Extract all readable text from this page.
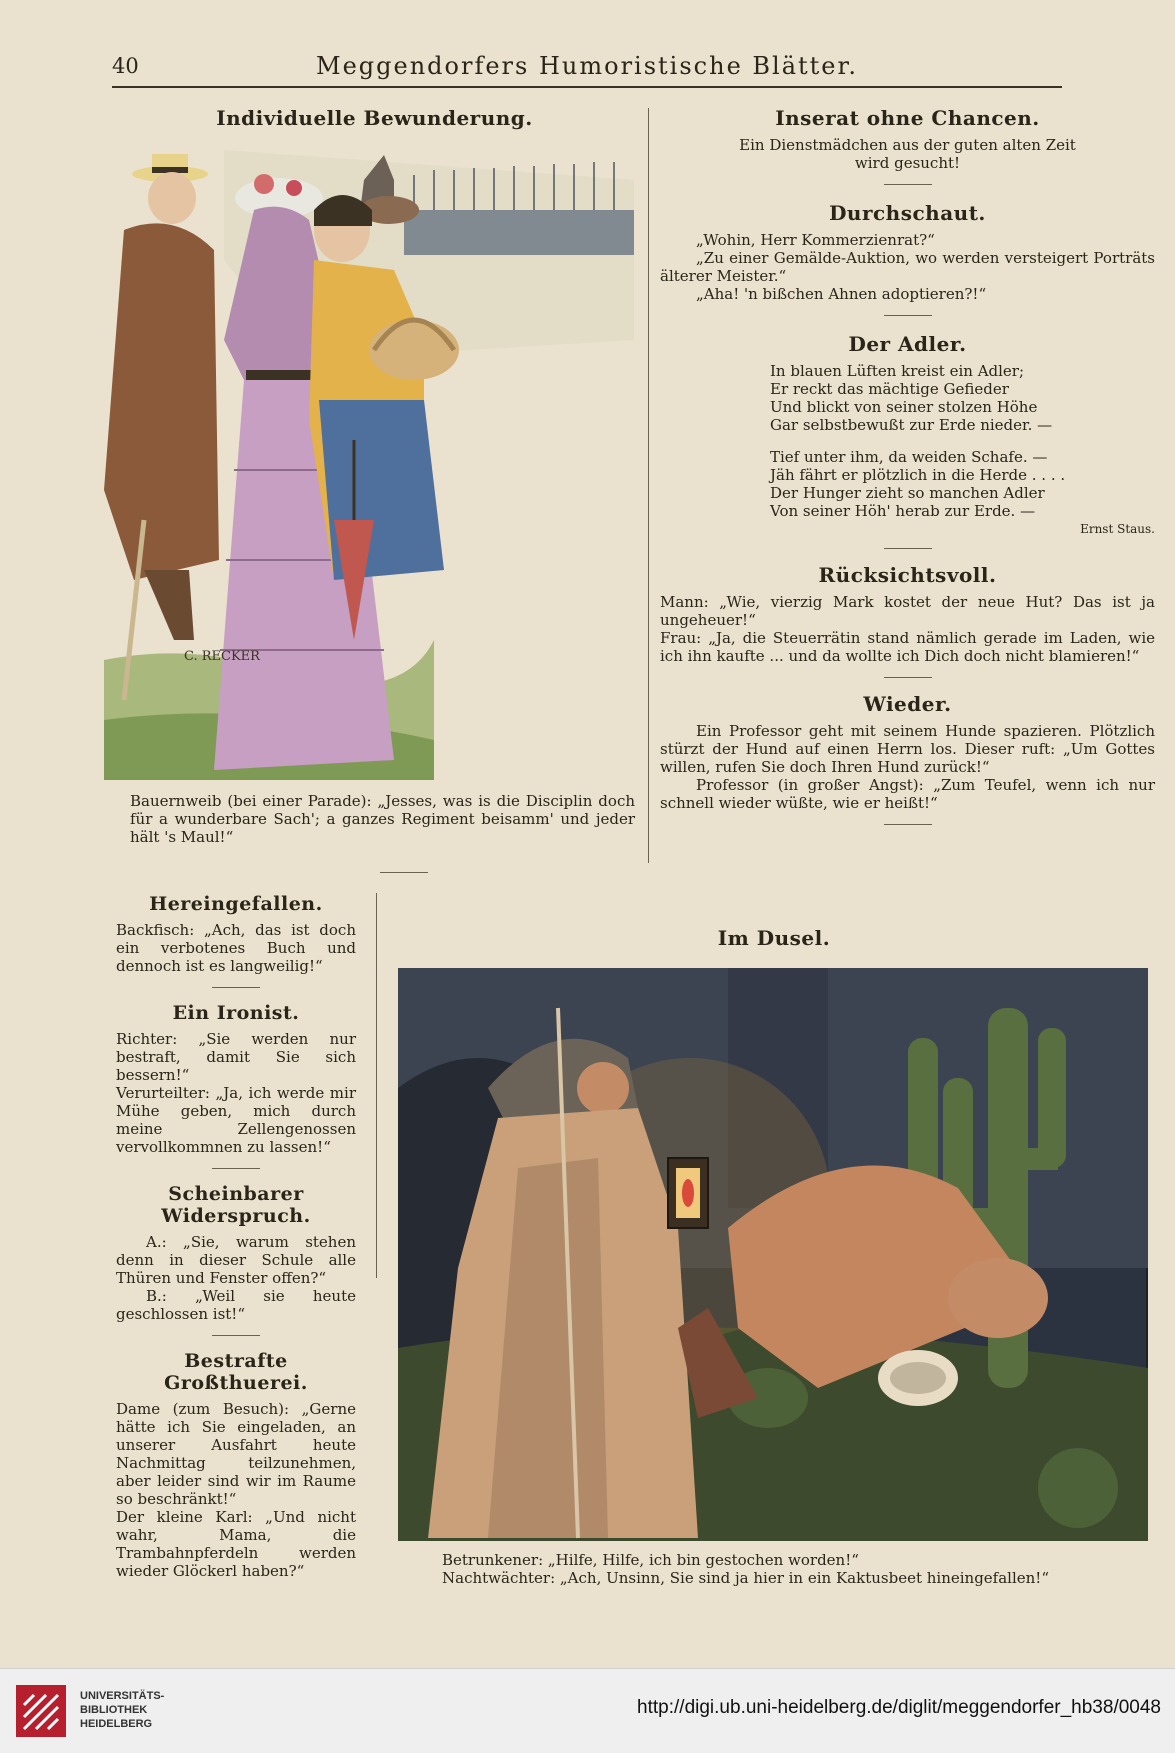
40	Meggendorfers Humoristische Blätter.
Individuelle Bewunderung.
C. RECKER
Bauernweib (bei einer Parade): „Jesses, was is die Disciplin doch für a wunderbare Sach'; a ganzes Regiment beisamm' und jeder hält 's Maul!“
Inserat ohne Chancen.
Ein Dienstmädchen aus der guten alten Zeit
wird gesucht!
Durchschaut.
„Wohin, Herr Kommerzienrat?“
„Zu einer Gemälde-Auktion, wo werden versteigert Porträts älterer Meister.“
„Aha! 'n bißchen Ahnen adoptieren?!“
Der Adler.
In blauen Lüften kreist ein Adler;
Er reckt das mächtige Gefieder
Und blickt von seiner stolzen Höhe
Gar selbstbewußt zur Erde nieder. —
Tief unter ihm, da weiden Schafe. —
Jäh fährt er plötzlich in die Herde . . . .
Der Hunger zieht so manchen Adler
Von seiner Höh' herab zur Erde. —
Ernst Staus.
Rücksichtsvoll.
Mann: „Wie, vierzig Mark kostet der neue Hut? Das ist ja ungeheuer!“
Frau: „Ja, die Steuerrätin stand nämlich gerade im Laden, wie ich ihn kaufte ... und da wollte ich Dich doch nicht blamieren!“
Wieder.
Ein Professor geht mit seinem Hunde spazieren. Plötzlich stürzt der Hund auf einen Herrn los. Dieser ruft: „Um Gottes willen, rufen Sie doch Ihren Hund zurück!“
Professor (in großer Angst): „Zum Teufel, wenn ich nur schnell wieder wüßte, wie er heißt!“
Hereingefallen.
Backfisch: „Ach, das ist doch ein verbotenes Buch und dennoch ist es langweilig!“
Ein Ironist.
Richter: „Sie werden nur bestraft, damit Sie sich bessern!“
Verurteilter: „Ja, ich werde mir Mühe geben, mich durch meine Zellengenossen vervollkommnen zu lassen!“
Scheinbarer Widerspruch.
A.: „Sie, warum stehen denn in dieser Schule alle Thüren und Fenster offen?“
B.: „Weil sie heute geschlossen ist!“
Bestrafte Großthuerei.
Dame (zum Besuch): „Gerne hätte ich Sie eingeladen, an unserer Ausfahrt heute Nachmittag teilzunehmen, aber leider sind wir im Raume so beschränkt!“
Der kleine Karl: „Und nicht wahr, Mama, die Trambahnpferdeln werden wieder Glöckerl haben?“
Im Dusel.
Betrunkener: „Hilfe, Hilfe, ich bin gestochen worden!“
Nachtwächter: „Ach, Unsinn, Sie sind ja hier in ein Kaktusbeet hineingefallen!“
UNIVERSITÄTS-
BIBLIOTHEK
HEIDELBERG
http://digi.ub.uni-heidelberg.de/diglit/meggendorfer_hb38/0048
